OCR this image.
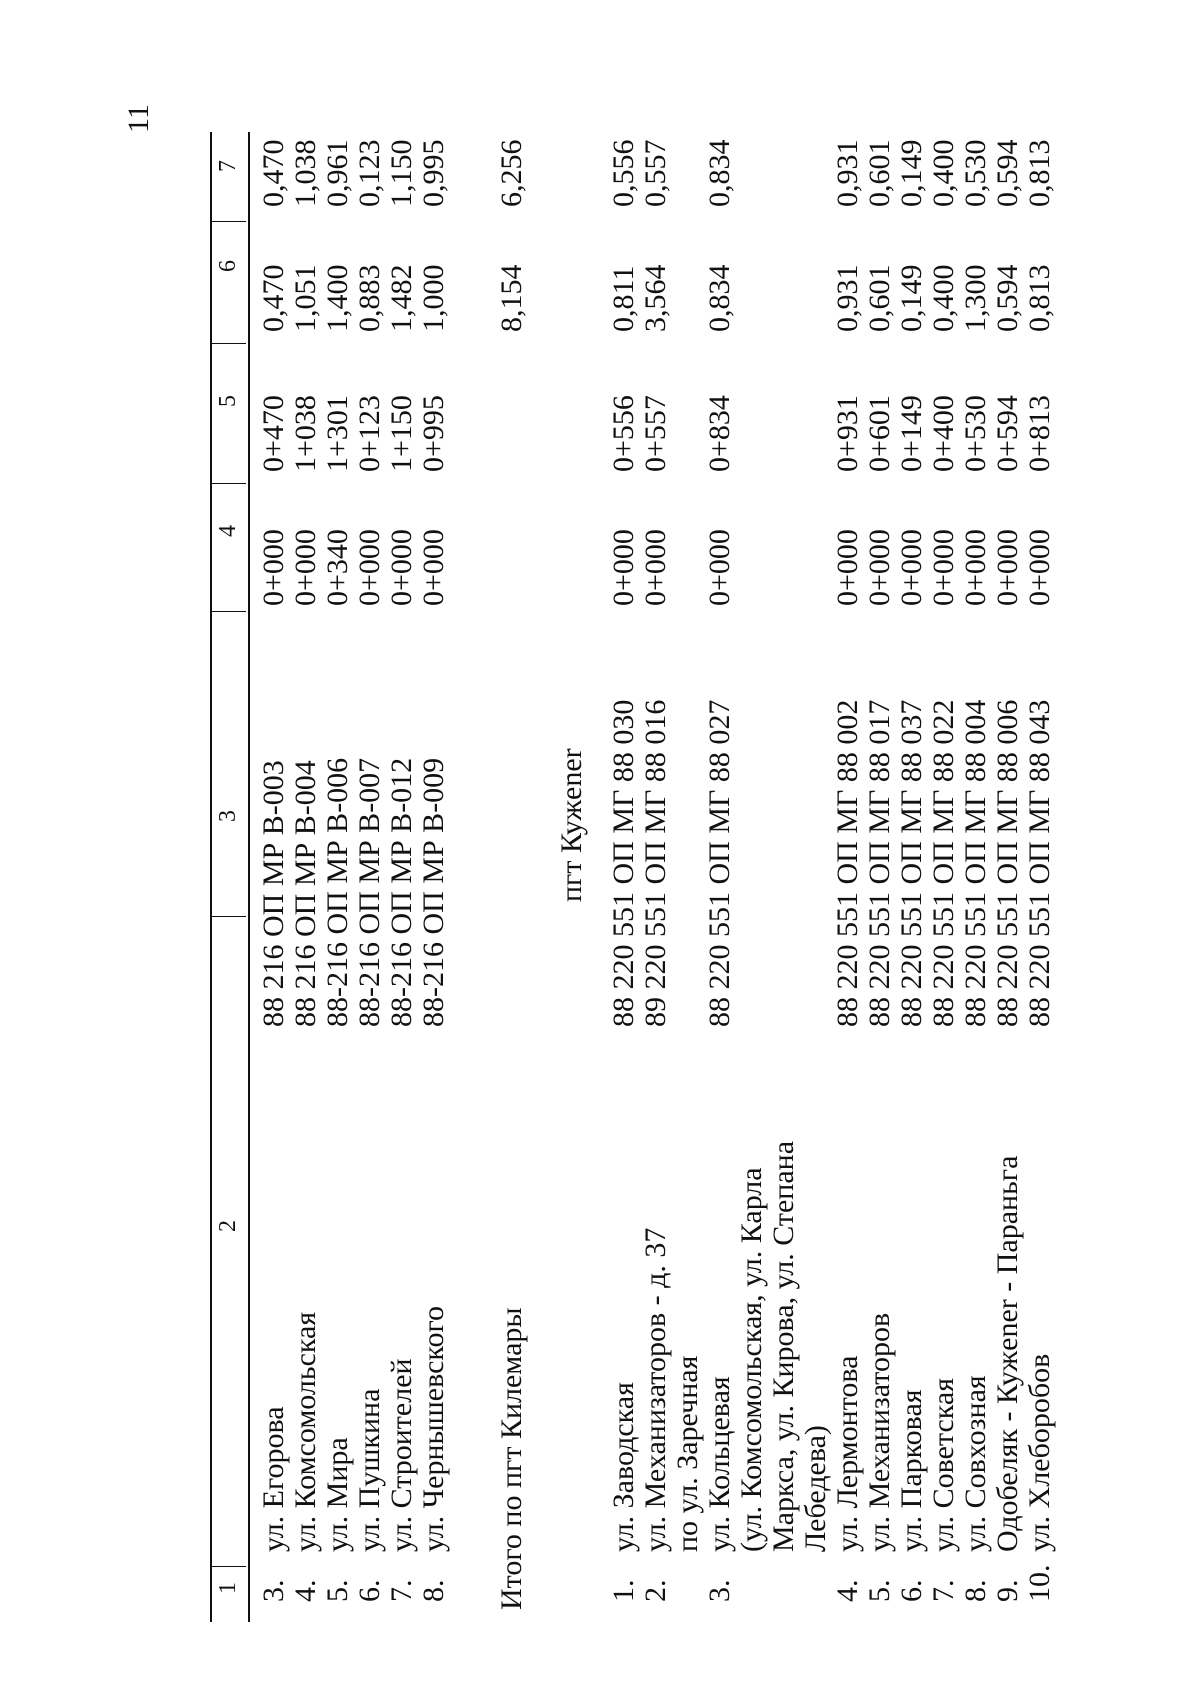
11
1
2
3
4
5
6
7
3.
ул. Егорова
88 216 ОП МР В-003
0+000
0+470
0,470
0,470
4.
ул. Комсомольская
88 216 ОП МР В-004
0+000
1+038
1,051
1,038
5.
ул. Мира
88-216 ОП МР В-006
0+340
1+301
1,400
0,961
6.
ул. Пушкина
88-216 ОП МР В-007
0+000
0+123
0,883
0,123
7.
ул. Строителей
88-216 ОП МР В-012
0+000
1+150
1,482
1,150
8.
ул. Чернышевского
88-216 ОП МР В-009
0+000
0+995
1,000
0,995
Итого по пгт Килемары
8,154
6,256
пгт Кужener
1.
ул. Заводская
88 220 551 ОП МГ 88 030
0+000
0+556
0,811
0,556
2.
ул. Механизаторов - д. 37 по ул. Заречная
89 220 551 ОП МГ 88 016
0+000
0+557
3,564
0,557
3.
ул. Кольцевая (ул. Комсомольская, ул. Карла Маркса, ул. Кирова, ул. Степана Лебедева)
88 220 551 ОП МГ 88 027
0+000
0+834
0,834
0,834
4.
ул. Лермонтова
88 220 551 ОП МГ 88 002
0+000
0+931
0,931
0,931
5.
ул. Механизаторов
88 220 551 ОП МГ 88 017
0+000
0+601
0,601
0,601
6.
ул. Парковая
88 220 551 ОП МГ 88 037
0+000
0+149
0,149
0,149
7.
ул. Советская
88 220 551 ОП МГ 88 022
0+000
0+400
0,400
0,400
8.
ул. Совхозная
88 220 551 ОП МГ 88 004
0+000
0+530
1,300
0,530
9.
Одобеляк - Кужener - Параньга
88 220 551 ОП МГ 88 006
0+000
0+594
0,594
0,594
10.
ул. Хлеборобов
88 220 551 ОП МГ 88 043
0+000
0+813
0,813
0,813
